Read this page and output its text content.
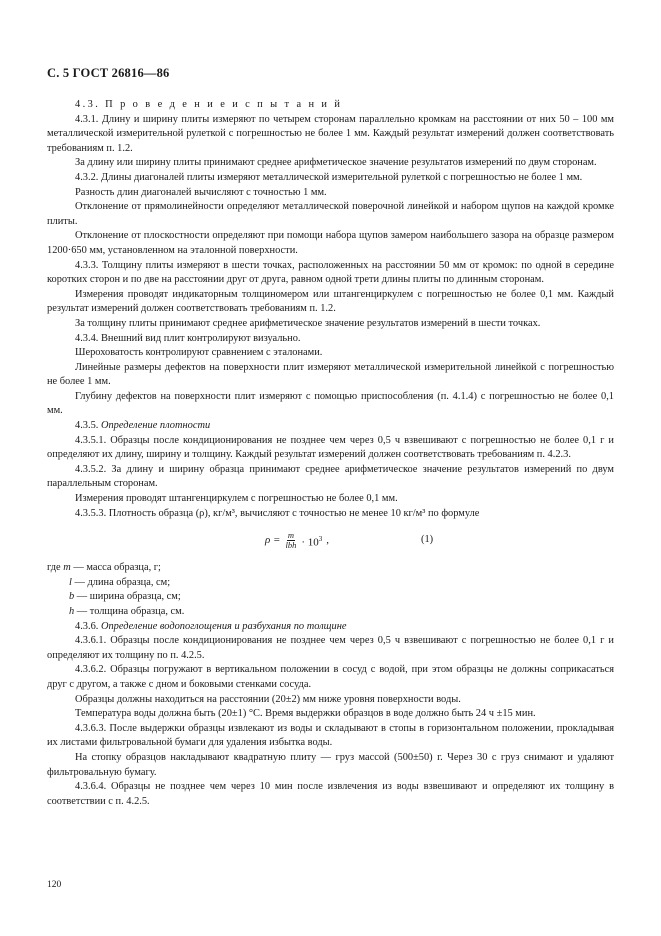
С. 5 ГОСТ 26816—86

4.3. П р о в е д е н и е и с п ы т а н и й

4.3.1. Длину и ширину плиты измеряют по четырем сторонам параллельно кромкам на расстоянии от них 50 – 100 мм металлической измерительной рулеткой с погрешностью не более 1 мм. Каждый результат измерений должен соответствовать требованиям п. 1.2.

За длину или ширину плиты принимают среднее арифметическое значение результатов измерений по двум сторонам.

4.3.2. Длины диагоналей плиты измеряют металлической измерительной рулеткой с погрешностью не более 1 мм.

Разность длин диагоналей вычисляют с точностью 1 мм.

Отклонение от прямолинейности определяют металлической поверочной линейкой и набором щупов на каждой кромке плиты.

Отклонение от плоскостности определяют при помощи набора щупов замером наибольшего зазора на образце размером 1200·650 мм, установленном на эталонной поверхности.

4.3.3. Толщину плиты измеряют в шести точках, расположенных на расстоянии 50 мм от кромок: по одной в середине коротких сторон и по две на расстоянии друг от друга, равном одной трети длины плиты по длинным сторонам.

Измерения проводят индикаторным толщиномером или штангенциркулем с погрешностью не более 0,1 мм. Каждый результат измерений должен соответствовать требованиям п. 1.2.

За толщину плиты принимают среднее арифметическое значение результатов измерений в шести точках.

4.3.4. Внешний вид плит контролируют визуально.

Шероховатость контролируют сравнением с эталонами.

Линейные размеры дефектов на поверхности плит измеряют металлической измерительной линейкой с погрешностью не более 1 мм.

Глубину дефектов на поверхности плит измеряют с помощью приспособления (п. 4.1.4) с погрешностью не более 0,1 мм.

4.3.5. Определение плотности

4.3.5.1. Образцы после кондиционирования не позднее чем через 0,5 ч взвешивают с погрешностью не более 0,1 г и определяют их длину, ширину и толщину. Каждый результат измерений должен соответствовать требованиям п. 4.2.3.

4.3.5.2. За длину и ширину образца принимают среднее арифметическое значение результатов измерений по двум параллельным сторонам.

Измерения проводят штангенциркулем с погрешностью не более 0,1 мм.

4.3.5.3. Плотность образца (ρ), кг/м³, вычисляют с точностью не менее 10 кг/м³ по формуле

$\rho = \frac{m}{\text{lbh}} \cdot 10^3$ ,	(1)

где m — масса образца, г;

l — длина образца, см;

b — ширина образца, см;

h — толщина образца, см.

4.3.6. Определение водопоглощения и разбухания по толщине

4.3.6.1. Образцы после кондиционирования не позднее чем через 0,5 ч взвешивают с погрешностью не более 0,1 г и определяют их толщину по п. 4.2.5.

4.3.6.2. Образцы погружают в вертикальном положении в сосуд с водой, при этом образцы не должны соприкасаться друг с другом, а также с дном и боковыми стенками сосуда.

Образцы должны находиться на расстоянии (20±2) мм ниже уровня поверхности воды.

Температура воды должна быть (20±1) °С. Время выдержки образцов в воде должно быть 24 ч ±15 мин.

4.3.6.3. После выдержки образцы извлекают из воды и складывают в стопы в горизонтальном положении, прокладывая их листами фильтровальной бумаги для удаления избытка воды.

На стопку образцов накладывают квадратную плиту — груз массой (500±50) г. Через 30 с груз снимают и удаляют фильтровальную бумагу.

4.3.6.4. Образцы не позднее чем через 10 мин после извлечения из воды взвешивают и определяют их толщину в соответствии с п. 4.2.5.

120
